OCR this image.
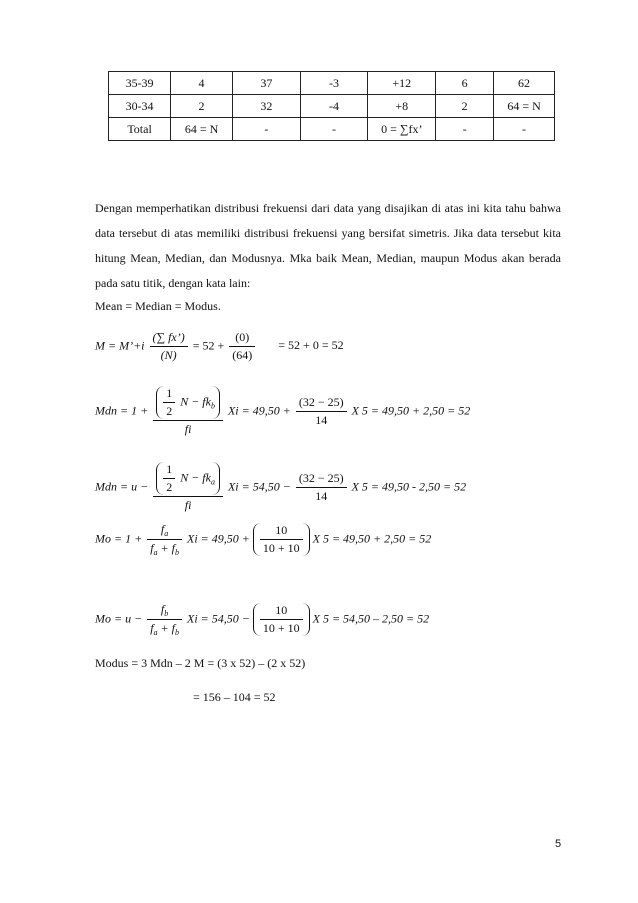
35-39	4	37	-3	+12	6	62
30-34	2	32	-4	+8	2	64 = N
Total	64 = N	-	-	0 = ∑fx’	-	-

Dengan memperhatikan distribusi frekuensi dari data yang disajikan di atas ini kita tahu bahwa data tersebut di atas memiliki distribusi frekuensi yang bersifat simetris. Jika data tersebut kita hitung Mean, Median, dan Modusnya. Mka baik Mean, Median, maupun Modus akan berada pada satu titik, dengan kata lain:

Mean = Median = Modus.
M = M’+i $\frac{(\sum fx’)}{(N)} = 52 + \frac{(0)}{(64)} = 52 + 0 = 52$
Mdn = $1 + \frac{\frac{1}{2} N - fk_b}{fi}$ $Xi = 49,50 + \frac{(32 - 25)}{14}$ X 5 = 49,50 + 2,50 = 52
Mdn = $u - \frac{\frac{1}{2} N - fk_a}{fi}$ $Xi = 54,50 - \frac{(32 - 25)}{14}$ X 5 = 49,50 - 2,50 = 52
$Mo = 1 + \frac{f_a}{f_a + f_b}$ $Xi = 49,50 + \frac{10}{10 + 10}$ X 5 = 49,50 + 2,50 = 52
$Mo = u - \frac{f_b}{f_a + f_b}$ $Xi = 54,50 - \frac{10}{10 + 10}$ X 5 = 54,50 – 2,50 = 52
Modus = 3 Mdn – 2 M = (3 x 52) – (2 x 52)
= 156 – 104 = 52
5
